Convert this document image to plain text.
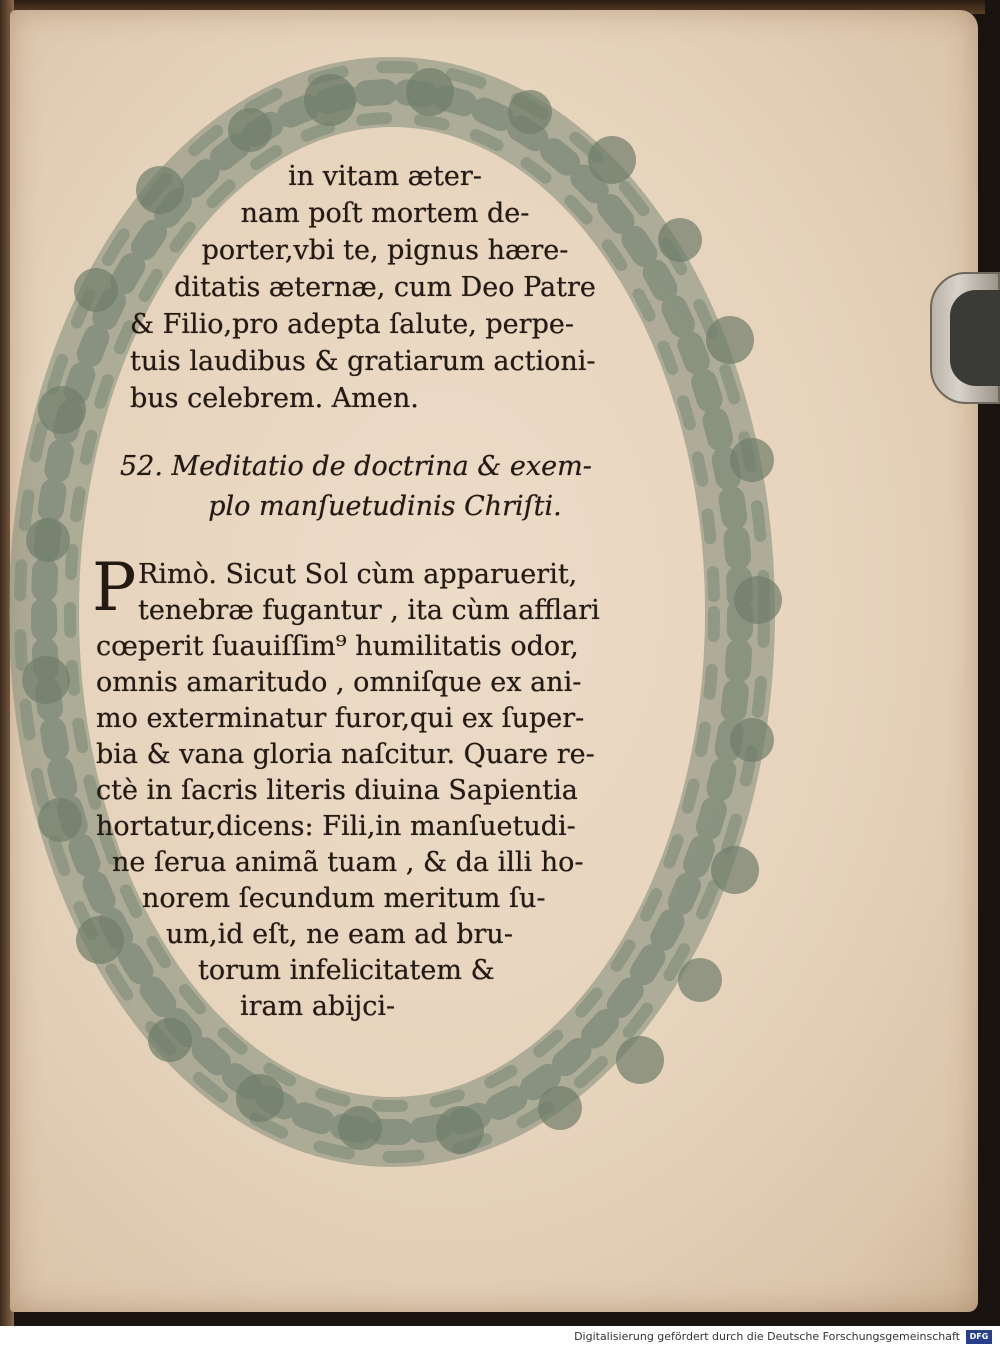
in vitam æter-
nam poſt mortem de-
porter,vbi te, pignus hære-
ditatis æternæ, cum Deo Patre
& Filio,pro adepta ſalute, perpe-
tuis laudibus & gratiarum actioni-
bus celebrem. Amen.
52. Meditatio de doctrina & exem-
plo manſuetudinis Chriſti.
P Rimò. Sicut Sol cùm apparuerit,
tenebræ fugantur , ita cùm afflari
cœperit ſuauiſſim⁹ humilitatis odor,
omnis amaritudo , omniſque ex ani-
mo exterminatur furor,qui ex ſuper-
bia & vana gloria naſcitur. Quare re-
ctè in ſacris literis diuina Sapientia
hortatur,dicens: Fili,in manſuetudi-
ne ſerua animã tuam , & da illi ho-
norem ſecundum meritum ſu-
um,id eſt, ne eam ad bru-
torum infelicitatem &
iram abijci-
Digitalisierung gefördert durch die Deutsche Forschungsgemeinschaft	DFG
